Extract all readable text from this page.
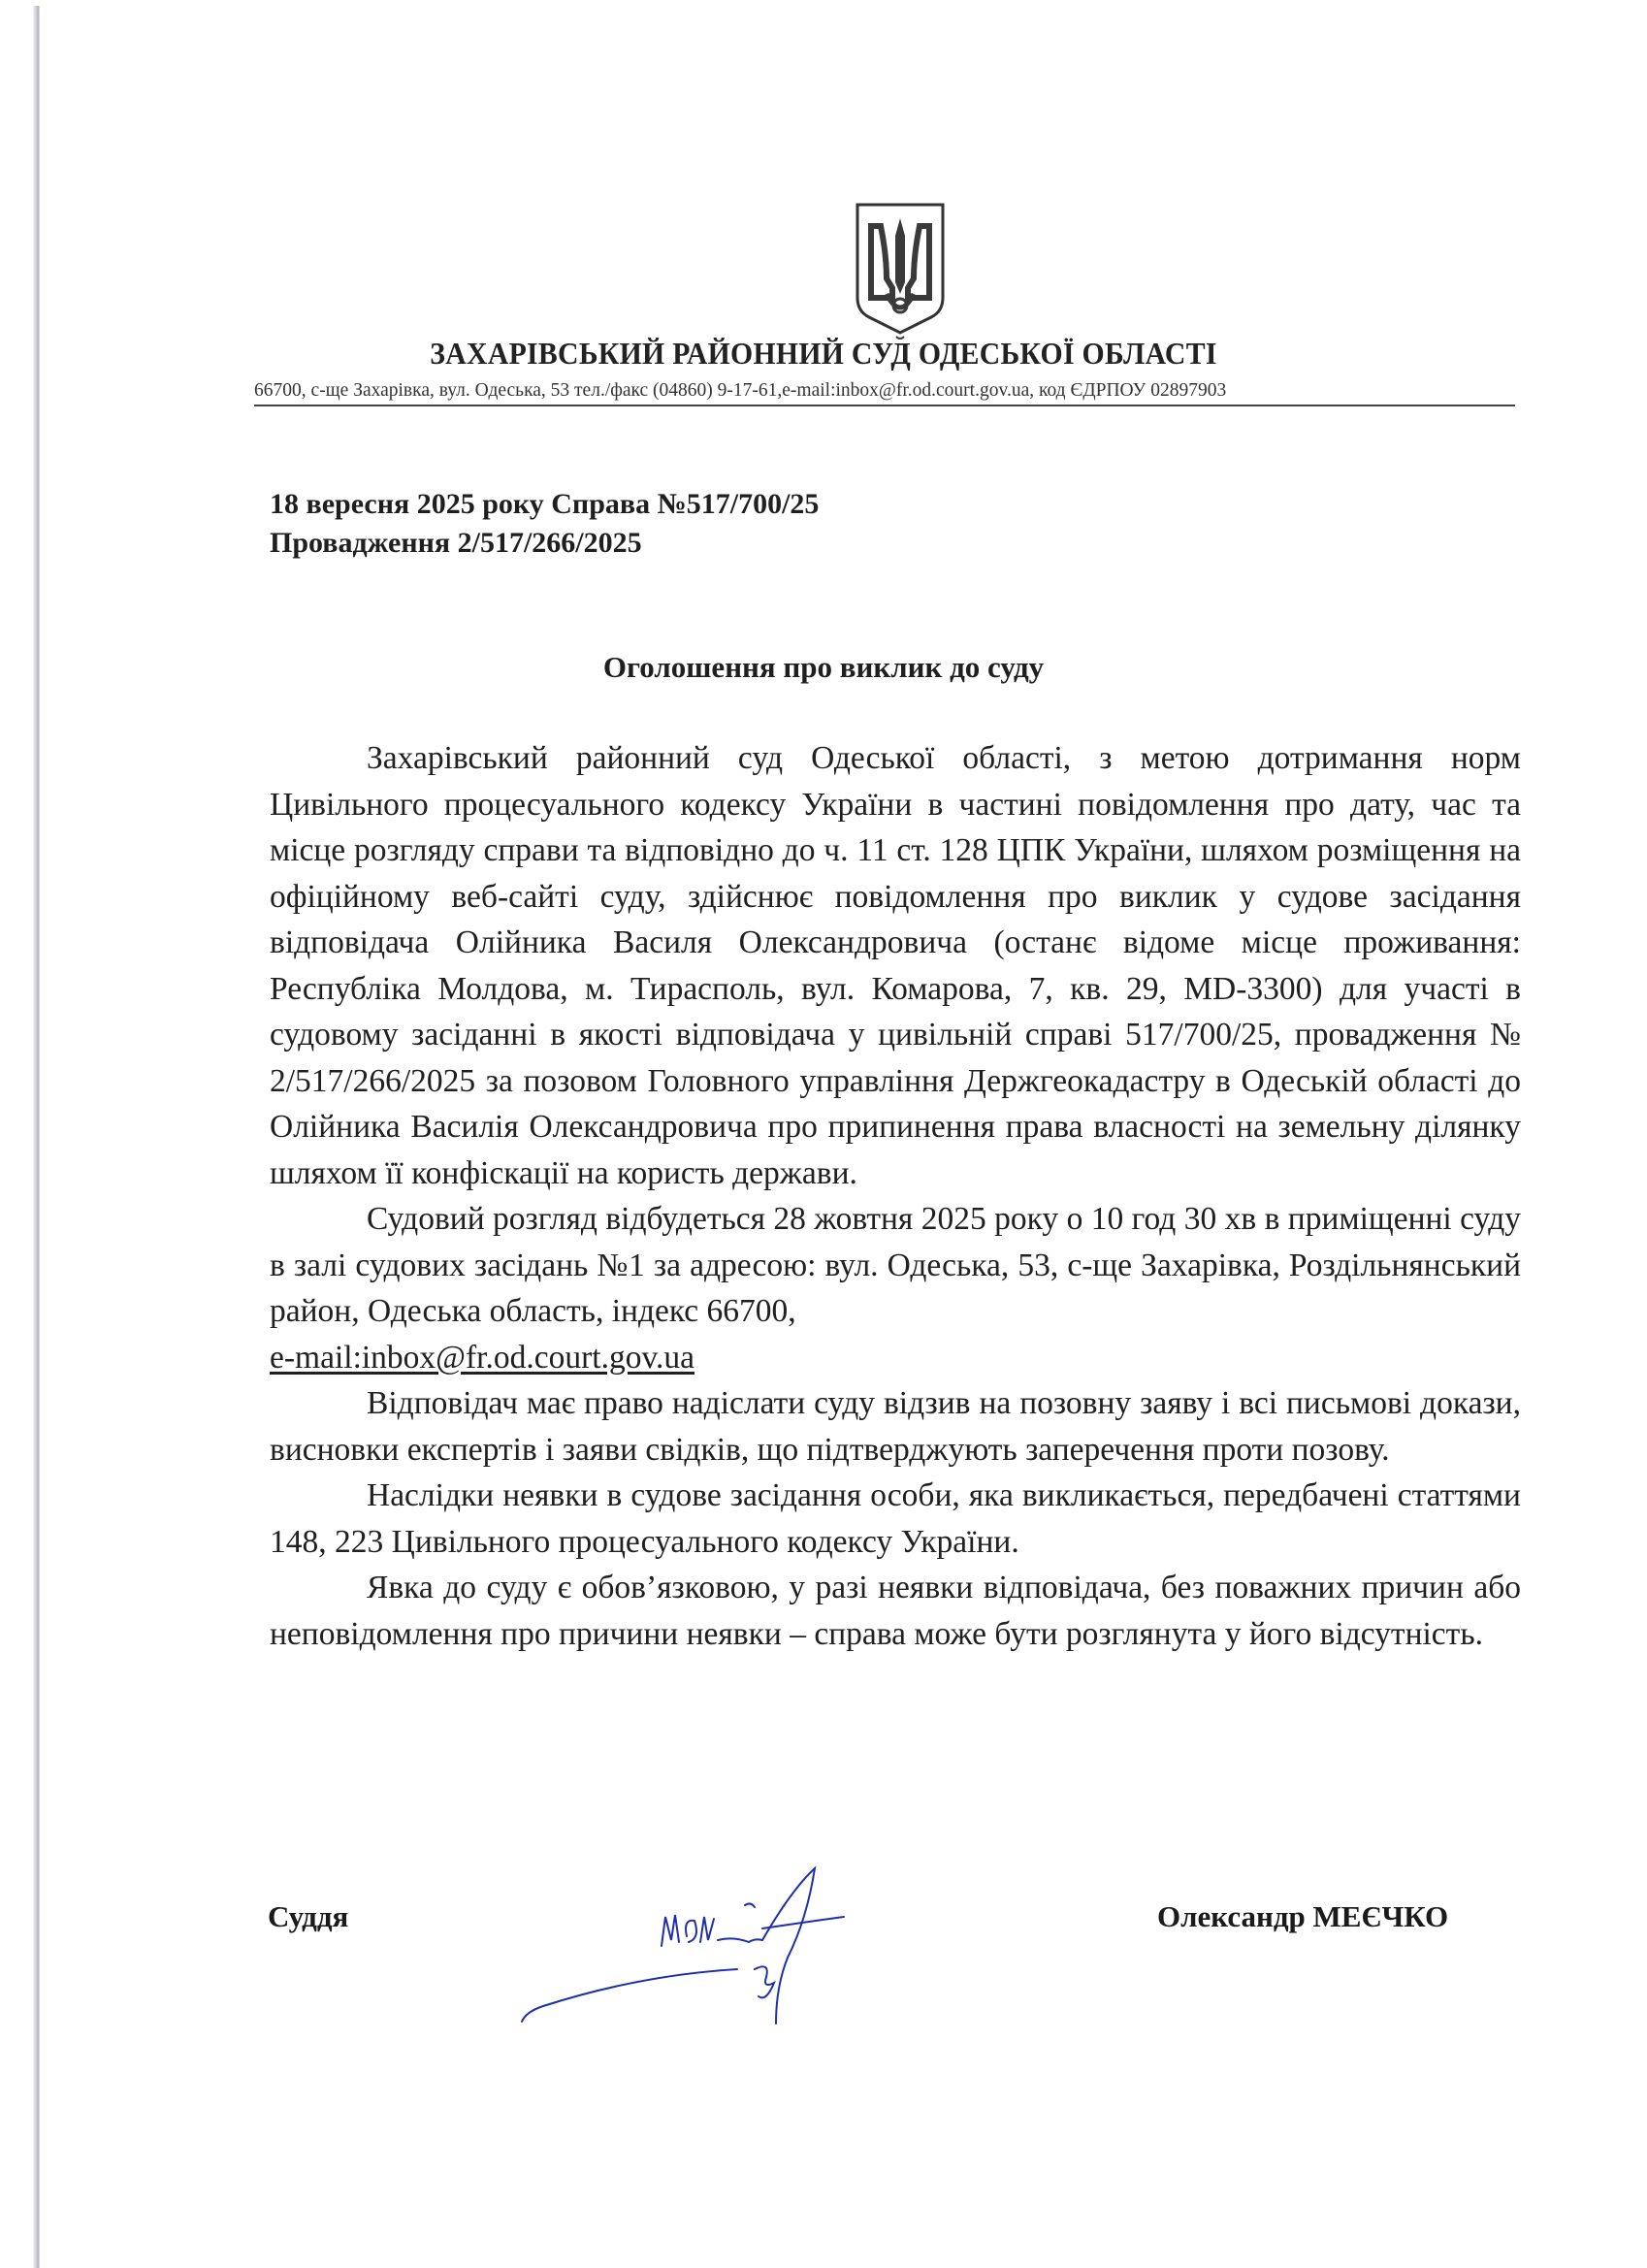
ЗАХАРІВСЬКИЙ РАЙОННИЙ СУД ОДЕСЬКОЇ ОБЛАСТІ
66700, с-ще Захарівка, вул. Одеська, 53 тел./факс (04860) 9-17-61,e-mail:inbox@fr.od.court.gov.ua, код ЄДРПОУ 02897903
18 вересня 2025 року Справа №517/700/25
Провадження 2/517/266/2025
Оголошення про виклик до суду

Захарівський районний суд Одеської області, з метою дотримання норм Цивільного процесуального кодексу України в частині повідомлення про дату, час та місце розгляду справи та відповідно до ч. 11 ст. 128 ЦПК України, шляхом розміщення на офіційному веб-сайті суду, здійснює повідомлення про виклик у судове засідання відповідача Олійника Василя Олександровича (останє відоме місце проживання: Республіка Молдова, м. Тирасполь, вул. Комарова, 7, кв. 29, MD-3300) для участі в судовому засіданні в якості відповідача у цивільній справі 517/700/25, провадження № 2/517/266/2025 за позовом Головного управління Держгеокадастру в Одеській області до Олійника Василія Олександровича про припинення права власності на земельну ділянку шляхом її конфіскації на користь держави.

Судовий розгляд відбудеться 28 жовтня 2025 року о 10 год 30 хв в приміщенні суду в залі судових засідань №1 за адресою: вул. Одеська, 53, с-ще Захарівка, Роздільнянський район, Одеська область, індекс 66700,
e-mail:inbox@fr.od.court.gov.ua

Відповідач має право надіслати суду відзив на позовну заяву і всі письмові докази, висновки експертів і заяви свідків, що підтверджують заперечення проти позову.

Наслідки неявки в судове засідання особи, яка викликається, передбачені статтями 148, 223 Цивільного процесуального кодексу України.

Явка до суду є обов’язковою, у разі неявки відповідача, без поважних причин або неповідомлення про причини неявки – справа може бути розглянута у його відсутність.

Суддя	Олександр МЕЄЧКО
